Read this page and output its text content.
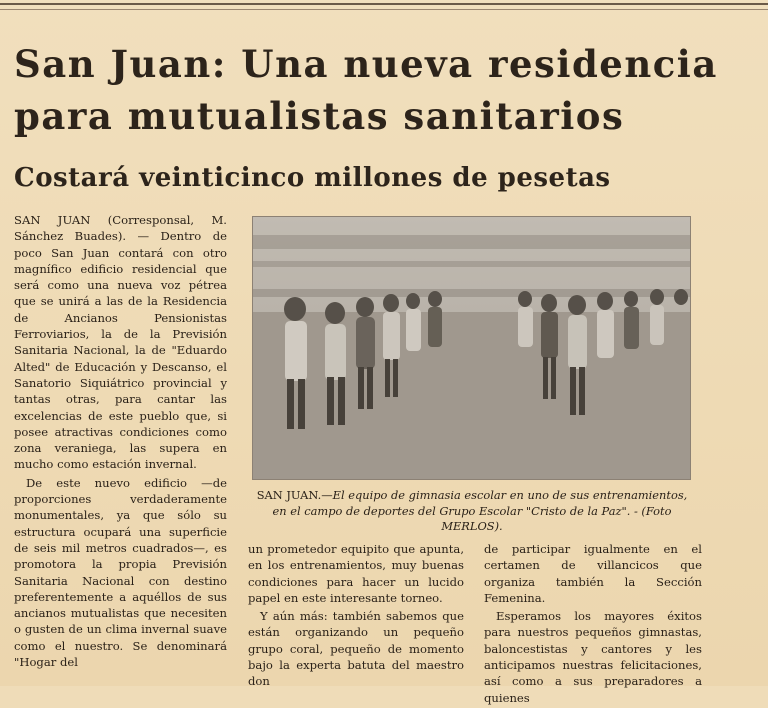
San Juan: Una nueva residencia
para mutualistas sanitarios
Costará veinticinco millones de pesetas

SAN JUAN (Corresponsal, M. Sánchez Buades). — Dentro de poco San Juan contará con otro magnífico edificio residencial que será como una nueva voz pétrea que se unirá a las de la Residencia de Ancianos Pensionistas Ferroviarios, la de la Previsión Sanitaria Nacional, la de "Eduardo Alted" de Educación y Descanso, el Sanatorio Siquiátrico provincial y tantas otras, para cantar las excelencias de este pueblo que, si posee atractivas condiciones como zona veraniega, las supera en mucho como estación invernal.

De este nuevo edificio —de proporciones verdaderamente monumentales, ya que sólo su estructura ocupará una superficie de seis mil metros cuadrados—, es promotora la propia Previsión Sanitaria Nacional con destino preferentemente a aquéllos de sus ancianos mutualistas que necesiten o gusten de un clima invernal suave como el nuestro. Se denominará "Hogar del

SAN JUAN.—El equipo de gimnasia escolar en uno de sus entrenamientos, en el campo de deportes del Grupo Escolar "Cristo de la Paz". - (Foto MERLOS).

un prometedor equipito que apunta, en los entrenamientos, muy buenas condiciones para hacer un lucido papel en este interesante torneo.

Y aún más: también sabemos que están organizando un pequeño grupo coral, pequeño de momento bajo la experta batuta del maestro don

de participar igualmente en el certamen de villancicos que organiza también la Sección Femenina.

Esperamos los mayores éxitos para nuestros pequeños gimnastas, baloncestistas y cantores y les anticipamos nuestras felicitaciones, así como a sus preparadores a quienes
